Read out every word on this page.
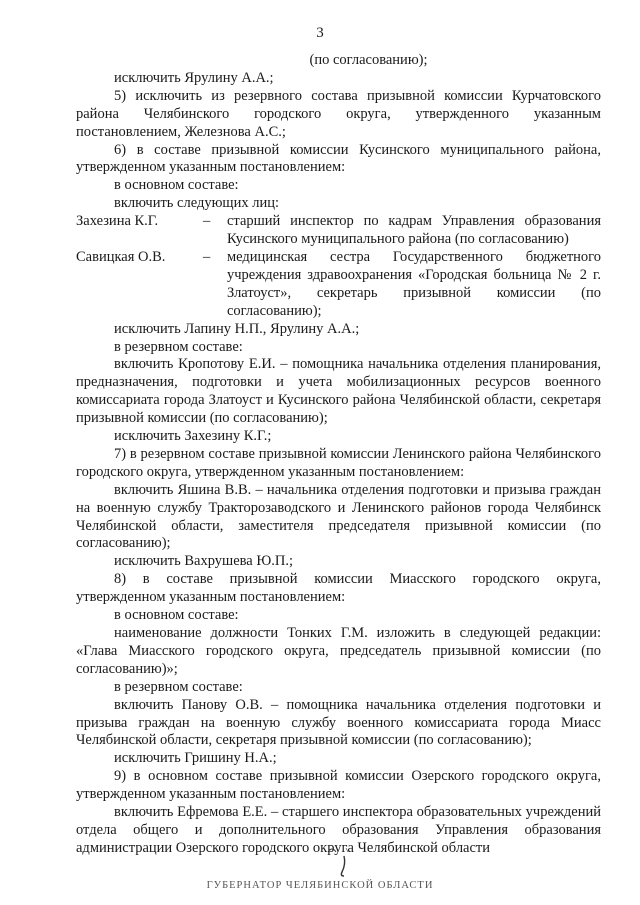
3

(по согласованию);

исключить Ярулину А.А.;

5) исключить из резервного состава призывной комиссии Курчатовского района Челябинского городского округа, утвержденного указанным постановлением, Железнова А.С.;

6) в составе призывной комиссии Кусинского муниципального района, утвержденном указанным постановлением:

в основном составе:

включить следующих лиц:

Захезина К.Г.	– старший инспектор по кадрам Управления образования Кусинского муниципального района (по согласованию)

Савицкая О.В.	– медицинская сестра Государственного бюджетного учреждения здравоохранения «Городская больница № 2 г. Златоуст», секретарь призывной комиссии (по согласованию);

исключить Лапину Н.П., Ярулину А.А.;

в резервном составе:

включить Кропотову Е.И. – помощника начальника отделения планирования, предназначения, подготовки и учета мобилизационных ресурсов военного комиссариата города Златоуст и Кусинского района Челябинской области, секретаря призывной комиссии (по согласованию);

исключить Захезину К.Г.;

7) в резервном составе призывной комиссии Ленинского района Челябинского городского округа, утвержденном указанным постановлением:

включить Яшина В.В. – начальника отделения подготовки и призыва граждан на военную службу Тракторозаводского и Ленинского районов города Челябинск Челябинской области, заместителя председателя призывной комиссии (по согласованию);

исключить Вахрушева Ю.П.;

8) в составе призывной комиссии Миасского городского округа, утвержденном указанным постановлением:

в основном составе:

наименование должности Тонких Г.М. изложить в следующей редакции: «Глава Миасского городского округа, председатель призывной комиссии (по согласованию)»;

в резервном составе:

включить Панову О.В. – помощника начальника отделения подготовки и призыва граждан на военную службу военного комиссариата города Миасс Челябинской области, секретаря призывной комиссии (по согласованию);

исключить Гришину Н.А.;

9) в основном составе призывной комиссии Озерского городского округа, утвержденном указанным постановлением:

включить Ефремова Е.Е. – старшего инспектора образовательных учреждений отдела общего и дополнительного образования Управления образования администрации Озерского городского округа Челябинской области

ГУБЕРНАТОР ЧЕЛЯБИНСКОЙ ОБЛАСТИ
